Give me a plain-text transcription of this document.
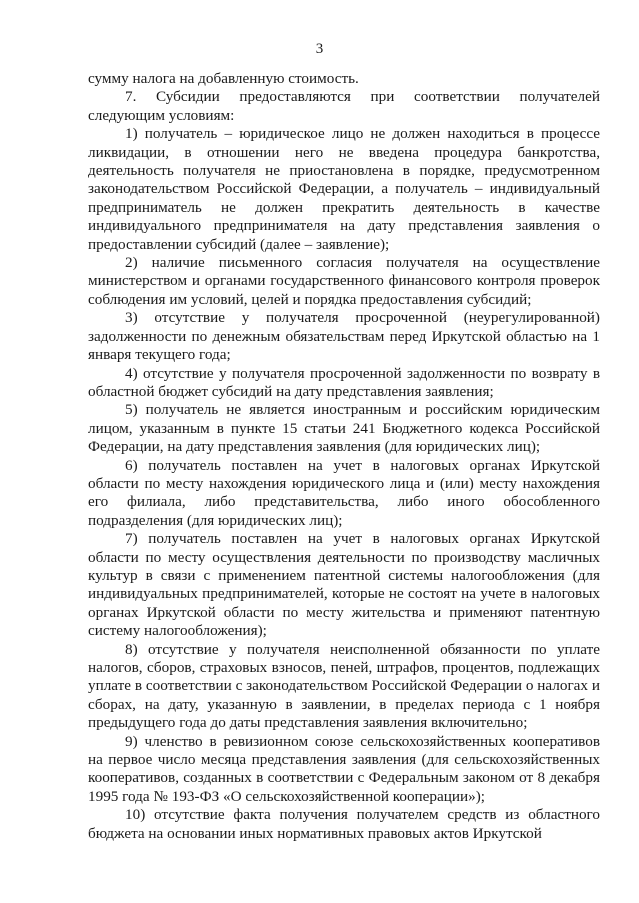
3

сумму налога на добавленную стоимость.

7. Субсидии предоставляются при соответствии получателей следующим условиям:

1) получатель – юридическое лицо не должен находиться в процессе ликвидации, в отношении него не введена процедура банкротства, деятельность получателя не приостановлена в порядке, предусмотренном законодательством Российской Федерации, а получатель – индивидуальный предприниматель не должен прекратить деятельность в качестве индивидуального предпринимателя на дату представления заявления о предоставлении субсидий (далее – заявление);

2) наличие письменного согласия получателя на осуществление министерством и органами государственного финансового контроля проверок соблюдения им условий, целей и порядка предоставления субсидий;

3) отсутствие у получателя просроченной (неурегулированной) задолженности по денежным обязательствам перед Иркутской областью на 1 января текущего года;

4) отсутствие у получателя просроченной задолженности по возврату в областной бюджет субсидий на дату представления заявления;

5) получатель не является иностранным и российским юридическим лицом, указанным в пункте 15 статьи 241 Бюджетного кодекса Российской Федерации, на дату представления заявления (для юридических лиц);

6) получатель поставлен на учет в налоговых органах Иркутской области по месту нахождения юридического лица и (или) месту нахождения его филиала, либо представительства, либо иного обособленного подразделения (для юридических лиц);

7) получатель поставлен на учет в налоговых органах Иркутской области по месту осуществления деятельности по производству масличных культур в связи с применением патентной системы налогообложения (для индивидуальных предпринимателей, которые не состоят на учете в налоговых органах Иркутской области по месту жительства и применяют патентную систему налогообложения);

8) отсутствие у получателя неисполненной обязанности по уплате налогов, сборов, страховых взносов, пеней, штрафов, процентов, подлежащих уплате в соответствии с законодательством Российской Федерации о налогах и сборах, на дату, указанную в заявлении, в пределах периода с 1 ноября предыдущего года до даты представления заявления включительно;

9) членство в ревизионном союзе сельскохозяйственных кооперативов на первое число месяца представления заявления (для сельскохозяйственных кооперативов, созданных в соответствии с Федеральным законом от 8 декабря 1995 года № 193-ФЗ «О сельскохозяйственной кооперации»);

10) отсутствие факта получения получателем средств из областного бюджета на основании иных нормативных правовых актов Иркутской
